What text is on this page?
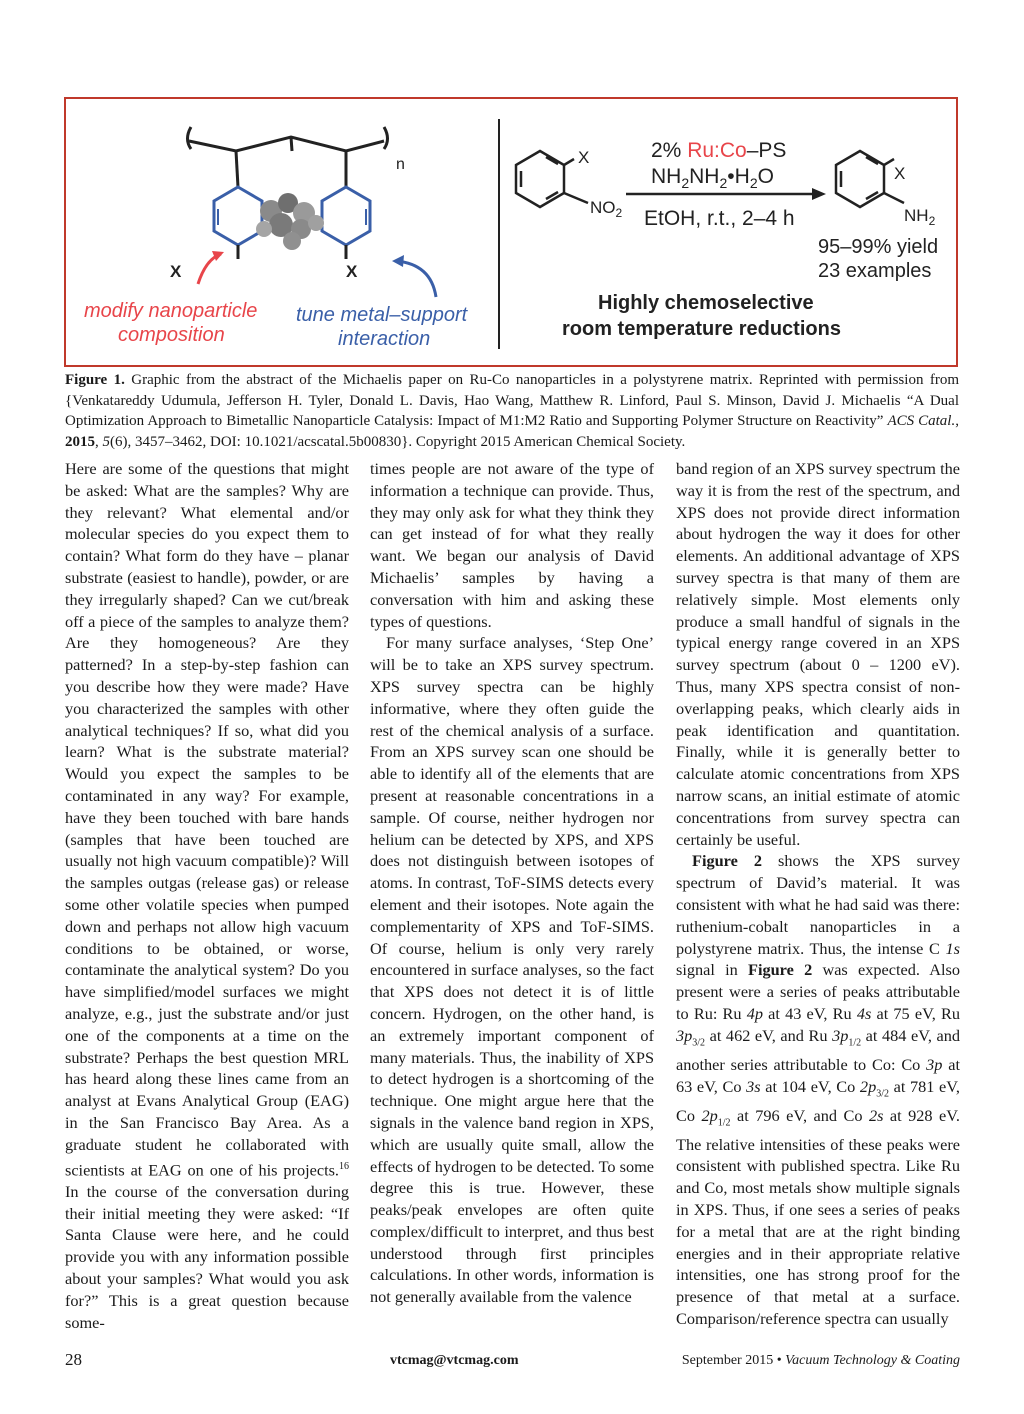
n
X	X
modify nanoparticle
composition
tune metal–support
interaction
X
$NO_2$
2% Ru:Co–PS
$NH_2NH_2•H_2O$
EtOH, r.t., 2–4 h
X
$NH_2$
95–99% yield
23 examples
Highly chemoselective
room temperature reductions
Figure 1. Graphic from the abstract of the Michaelis paper on Ru-Co nanoparticles in a polystyrene matrix. Reprinted with permission from {Venkatareddy Udumula, Jefferson H. Tyler, Donald L. Davis, Hao Wang, Matthew R. Linford, Paul S. Minson, David J. Michaelis “A Dual Optimization Approach to Bimetallic Nanoparticle Catalysis: Impact of M1:M2 Ratio and Supporting Polymer Structure on Reactivity” ACS Catal., 2015, 5(6), 3457–3462, DOI: 10.1021/acscatal.5b00830}. Copyright 2015 American Chemical Society.

Here are some of the questions that might be asked: What are the samples? Why are they relevant? What elemental and/or molecular species do you expect them to contain? What form do they have – planar substrate (easiest to handle), powder, or are they irregularly shaped? Can we cut/break off a piece of the samples to analyze them? Are they homogeneous? Are they patterned? In a step-by-step fashion can you describe how they were made? Have you characterized the samples with other analytical techniques? If so, what did you learn? What is the substrate material? Would you expect the samples to be contaminated in any way? For example, have they been touched with bare hands (samples that have been touched are usually not high vacuum compatible)? Will the samples outgas (release gas) or release some other volatile species when pumped down and perhaps not allow high vacuum conditions to be obtained, or worse, contaminate the analytical system? Do you have simplified/model surfaces we might analyze, e.g., just the substrate and/or just one of the components at a time on the substrate? Perhaps the best question MRL has heard along these lines came from an analyst at Evans Analytical Group (EAG) in the San Francisco Bay Area. As a graduate student he collaborated with scientists at EAG on one of his projects.$^{16}$ In the course of the conversation during their initial meeting they were asked: “If Santa Clause were here, and he could provide you with any information possible about your samples? What would you ask for?” This is a great question because some-

times people are not aware of the type of information a technique can provide. Thus, they may only ask for what they think they can get instead of for what they really want. We began our analysis of David Michaelis’ samples by having a conversation with him and asking these types of questions.

For many surface analyses, ‘Step One’ will be to take an XPS survey spectrum. XPS survey spectra can be highly informative, where they often guide the rest of the chemical analysis of a surface. From an XPS survey scan one should be able to identify all of the elements that are present at reasonable concentrations in a sample. Of course, neither hydrogen nor helium can be detected by XPS, and XPS does not distinguish between isotopes of atoms. In contrast, ToF-SIMS detects every element and their isotopes. Note again the complementarity of XPS and ToF-SIMS. Of course, helium is only very rarely encountered in surface analyses, so the fact that XPS does not detect it is of little concern. Hydrogen, on the other hand, is an extremely important component of many materials. Thus, the inability of XPS to detect hydrogen is a shortcoming of the technique. One might argue here that the signals in the valence band region in XPS, which are usually quite small, allow the effects of hydrogen to be detected. To some degree this is true. However, these peaks/peak envelopes are often quite complex/difficult to interpret, and thus best understood through first principles calculations. In other words, information is not generally available from the valence

band region of an XPS survey spectrum the way it is from the rest of the spectrum, and XPS does not provide direct information about hydrogen the way it does for other elements. An additional advantage of XPS survey spectra is that many of them are relatively simple. Most elements only produce a small handful of signals in the typical energy range covered in an XPS survey spectrum (about 0 – 1200 eV). Thus, many XPS spectra consist of non-overlapping peaks, which clearly aids in peak identification and quantitation. Finally, while it is generally better to calculate atomic concentrations from XPS narrow scans, an initial estimate of atomic concentrations from survey spectra can certainly be useful.

Figure 2 shows the XPS survey spectrum of David’s material. It was consistent with what he had said was there: ruthenium-cobalt nanoparticles in a polystyrene matrix. Thus, the intense C 1s signal in Figure 2 was expected. Also present were a series of peaks attributable to Ru: Ru 4p at 43 eV, Ru 4s at 75 eV, Ru $3p_{3/2}$ at 462 eV, and Ru $3p_{1/2}$ at 484 eV, and another series attributable to Co: Co 3p at 63 eV, Co 3s at 104 eV, Co $2p_{3/2}$ at 781 eV, Co $2p_{1/2}$ at 796 eV, and Co 2s at 928 eV. The relative intensities of these peaks were consistent with published spectra. Like Ru and Co, most metals show multiple signals in XPS. Thus, if one sees a series of peaks for a metal that are at the right binding energies and in their appropriate relative intensities, one has strong proof for the presence of that metal at a surface. Comparison/reference spectra can usually

28	vtcmag@vtcmag.com	September 2015 • Vacuum Technology & Coating
